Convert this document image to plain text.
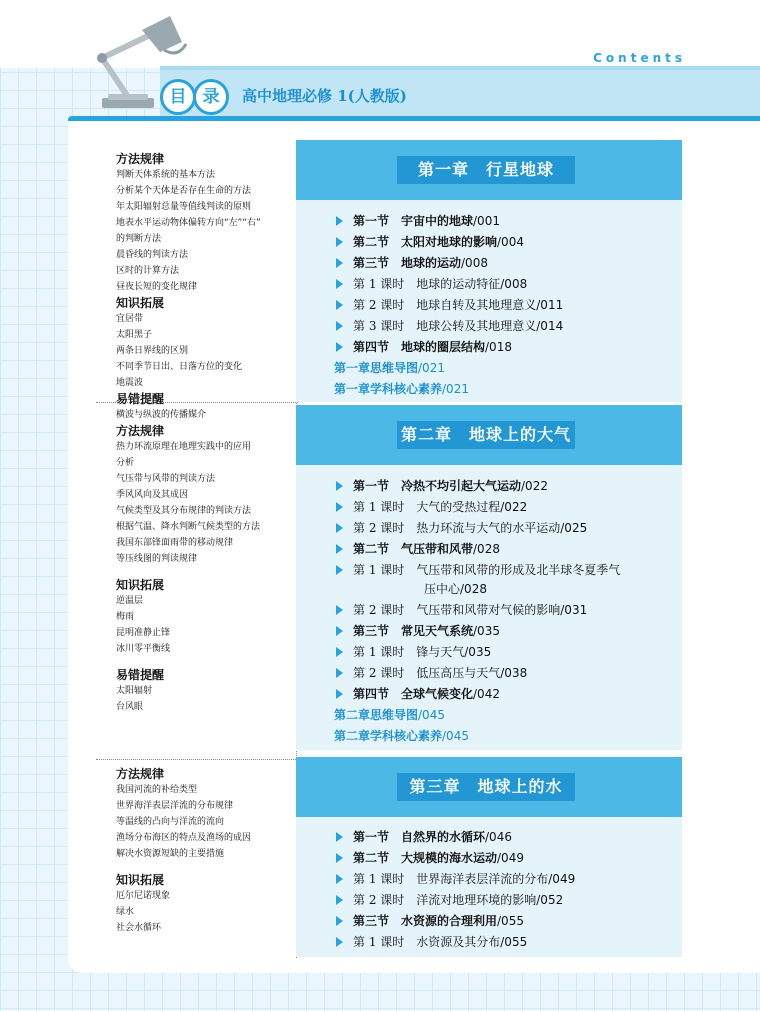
Contents
目 录	高中地理必修 1(人教版)

方法规律

判断天体系统的基本方法

分析某个天体是否存在生命的方法

年太阳辐射总量等值线判读的原则

地表水平运动物体偏转方向“左”“右”

的判断方法

晨昏线的判读方法

区时的计算方法

昼夜长短的变化规律

知识拓展

宜居带

太阳黑子

两条日界线的区别

不同季节日出、日落方位的变化

地震波

易错提醒

横波与纵波的传播媒介

方法规律

热力环流原理在地理实践中的应用

分析

气压带与风带的判读方法

季风风向及其成因

气候类型及其分布规律的判读方法

根据气温、降水判断气候类型的方法

我国东部锋面雨带的移动规律

等压线图的判读规律

知识拓展

逆温层

梅雨

昆明准静止锋

冰川零平衡线

易错提醒

太阳辐射

台风眼

方法规律

我国河流的补给类型

世界海洋表层洋流的分布规律

等温线的凸向与洋流的流向

渔场分布海区的特点及渔场的成因

解决水资源短缺的主要措施

知识拓展

厄尔尼诺现象

绿水

社会水循环

第一章　行星地球
第一节　宇宙中的地球/001
第二节　太阳对地球的影响/004
第三节　地球的运动/008
第 1 课时　地球的运动特征/008
第 2 课时　地球自转及其地理意义/011
第 3 课时　地球公转及其地理意义/014
第四节　地球的圈层结构/018
第一章思维导图/021
第一章学科核心素养/021
第二章　地球上的大气
第一节　冷热不均引起大气运动/022
第 1 课时　大气的受热过程/022
第 2 课时　热力环流与大气的水平运动/025
第二节　气压带和风带/028
第 1 课时　气压带和风带的形成及北半球冬夏季气
压中心/028
第 2 课时　气压带和风带对气候的影响/031
第三节　常见天气系统/035
第 1 课时　锋与天气/035
第 2 课时　低压高压与天气/038
第四节　全球气候变化/042
第二章思维导图/045
第二章学科核心素养/045
第三章　地球上的水
第一节　自然界的水循环/046
第二节　大规模的海水运动/049
第 1 课时　世界海洋表层洋流的分布/049
第 2 课时　洋流对地理环境的影响/052
第三节　水资源的合理利用/055
第 1 课时　水资源及其分布/055
